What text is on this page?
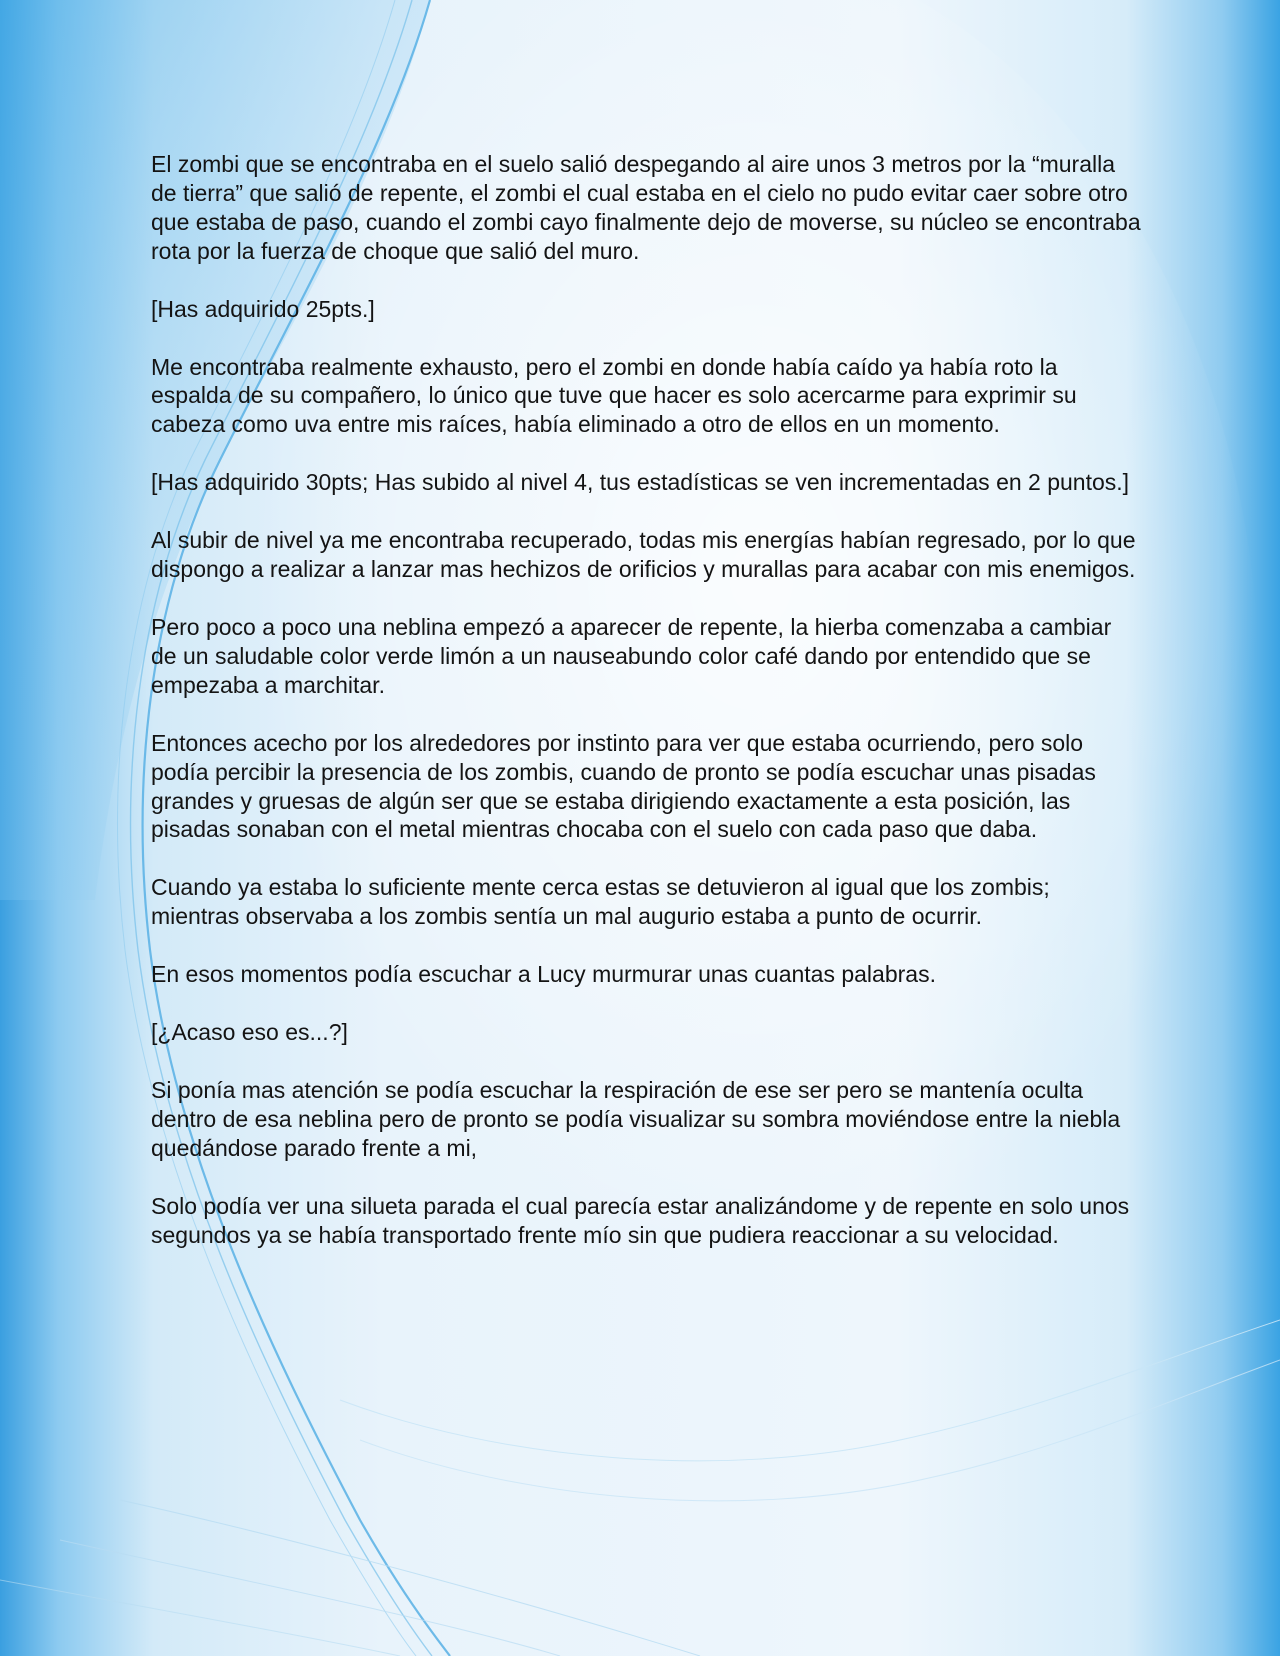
El zombi que se encontraba en el suelo salió despegando al aire unos 3 metros por la “muralla de tierra” que salió de repente, el zombi el cual estaba en el cielo no pudo evitar caer sobre otro que estaba de paso, cuando el zombi cayo finalmente dejo de moverse, su núcleo se encontraba rota por la fuerza de choque que salió del muro.

[Has adquirido 25pts.]

Me encontraba realmente exhausto, pero el zombi en donde había caído ya había roto la espalda de su compañero, lo único que tuve que hacer es solo acercarme para exprimir su cabeza como uva entre mis raíces, había eliminado a otro de ellos en un momento.

[Has adquirido 30pts; Has subido al nivel 4, tus estadísticas se ven incrementadas en 2 puntos.]

Al subir de nivel ya me encontraba recuperado, todas mis energías habían regresado, por lo que dispongo a realizar a lanzar mas hechizos de orificios y murallas para acabar con mis enemigos.

Pero poco a poco una neblina empezó a aparecer de repente, la hierba comenzaba a cambiar de un saludable color verde limón a un nauseabundo color café dando por entendido que se empezaba a marchitar.

Entonces acecho por los alrededores por instinto para ver que estaba ocurriendo, pero solo podía percibir la presencia de los zombis, cuando de pronto se podía escuchar unas pisadas grandes y gruesas de algún ser que se estaba dirigiendo exactamente a esta posición, las pisadas sonaban con el metal mientras chocaba con el suelo con cada paso que daba.

Cuando ya estaba lo suficiente mente cerca estas se detuvieron al igual que los zombis; mientras observaba a los zombis sentía un mal augurio estaba a punto de ocurrir.

En esos momentos podía escuchar a Lucy murmurar unas cuantas palabras.

[¿Acaso eso es...?]

Si ponía mas atención se podía escuchar la respiración de ese ser pero se mantenía oculta dentro de esa neblina pero de pronto se podía visualizar su sombra moviéndose entre la niebla quedándose parado frente a mi,

Solo podía ver una silueta parada el cual parecía estar analizándome y de repente en solo unos segundos ya se había transportado frente mío sin que pudiera reaccionar a su velocidad.
